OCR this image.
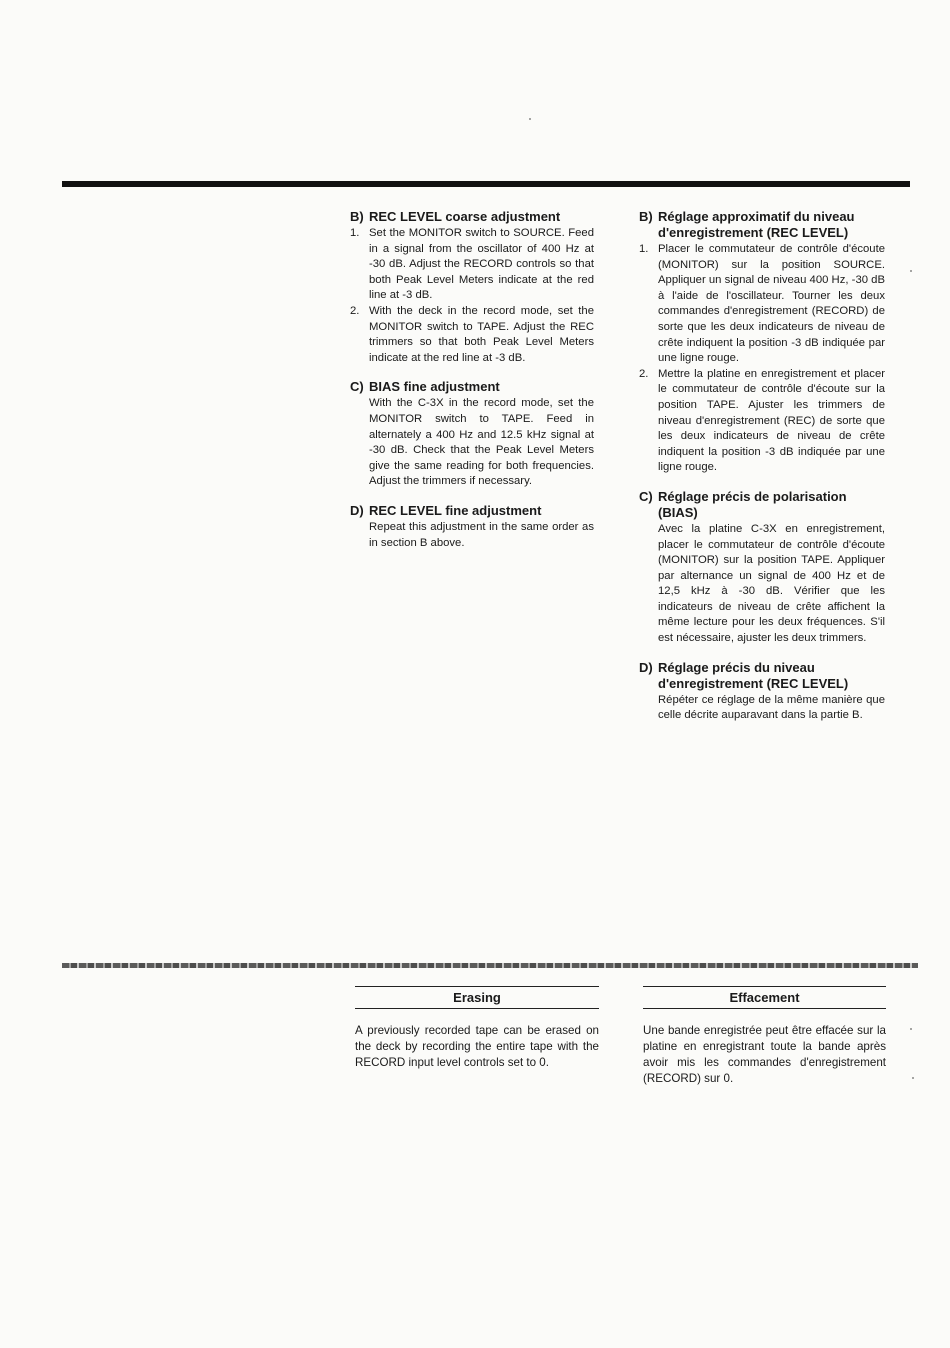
B) REC LEVEL coarse adjustment
1. Set the MONITOR switch to SOURCE. Feed in a signal from the oscillator of 400 Hz at -30 dB. Adjust the RECORD controls so that both Peak Level Meters indicate at the red line at -3 dB.
2. With the deck in the record mode, set the MONITOR switch to TAPE. Adjust the REC trimmers so that both Peak Level Meters indicate at the red line at -3 dB.
C) BIAS fine adjustment
With the C-3X in the record mode, set the MONITOR switch to TAPE. Feed in alternately a 400 Hz and 12.5 kHz signal at -30 dB. Check that the Peak Level Meters give the same reading for both frequencies. Adjust the trimmers if necessary.
D) REC LEVEL fine adjustment
Repeat this adjustment in the same order as in section B above.
B) Réglage approximatif du niveau d'enregistrement (REC LEVEL)
1. Placer le commutateur de contrôle d'écoute (MONITOR) sur la position SOURCE. Appliquer un signal de niveau 400 Hz, -30 dB à l'aide de l'oscillateur. Tourner les deux commandes d'enregistrement (RECORD) de sorte que les deux indicateurs de niveau de crête indiquent la position -3 dB indiquée par une ligne rouge.
2. Mettre la platine en enregistrement et placer le commutateur de contrôle d'écoute sur la position TAPE. Ajuster les trimmers de niveau d'enregistrement (REC) de sorte que les deux indicateurs de niveau de crête indiquent la position -3 dB indiquée par une ligne rouge.
C) Réglage précis de polarisation (BIAS)
Avec la platine C-3X en enregistrement, placer le commutateur de contrôle d'écoute (MONITOR) sur la position TAPE. Appliquer par alternance un signal de 400 Hz et de 12,5 kHz à -30 dB. Vérifier que les indicateurs de niveau de crête affichent la même lecture pour les deux fréquences. S'il est nécessaire, ajuster les deux trimmers.
D) Réglage précis du niveau d'enregistrement (REC LEVEL)
Répéter ce réglage de la même manière que celle décrite auparavant dans la partie B.
Erasing
A previously recorded tape can be erased on the deck by recording the entire tape with the RECORD input level controls set to 0.
Effacement
Une bande enregistrée peut être effacée sur la platine en enregistrant toute la bande après avoir mis les commandes d'enregistrement (RECORD) sur 0.
